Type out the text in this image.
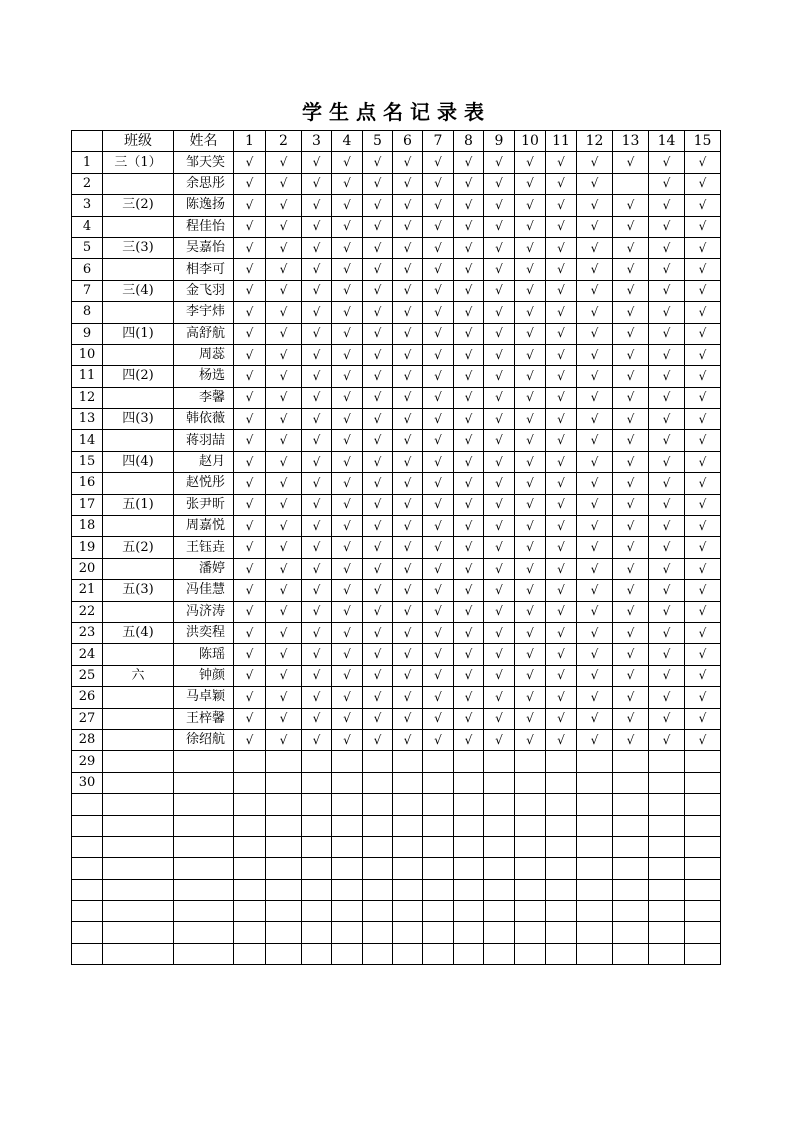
学生点名记录表
	班级	姓名	1	2	3	4	5	6	7	8	9	10	11	12	13	14	15
1	三（1）	邹天笑	√	√	√	√	√	√	√	√	√	√	√	√	√	√	√
2		余思彤	√	√	√	√	√	√	√	√	√	√	√	√		√	√
3	三(2)	陈逸扬	√	√	√	√	√	√	√	√	√	√	√	√	√	√	√
4		程佳怡	√	√	√	√	√	√	√	√	√	√	√	√	√	√	√
5	三(3)	吴嘉怡	√	√	√	√	√	√	√	√	√	√	√	√	√	√	√
6		相李可	√	√	√	√	√	√	√	√	√	√	√	√	√	√	√
7	三(4)	金飞羽	√	√	√	√	√	√	√	√	√	√	√	√	√	√	√
8		李宇炜	√	√	√	√	√	√	√	√	√	√	√	√	√	√	√
9	四(1)	高舒航	√	√	√	√	√	√	√	√	√	√	√	√	√	√	√
10		周蕊	√	√	√	√	√	√	√	√	√	√	√	√	√	√	√
11	四(2)	杨选	√	√	√	√	√	√	√	√	√	√	√	√	√	√	√
12		李馨	√	√	√	√	√	√	√	√	√	√	√	√	√	√	√
13	四(3)	韩依薇	√	√	√	√	√	√	√	√	√	√	√	√	√	√	√
14		蒋羽喆	√	√	√	√	√	√	√	√	√	√	√	√	√	√	√
15	四(4)	赵月	√	√	√	√	√	√	√	√	√	√	√	√	√	√	√
16		赵悦彤	√	√	√	√	√	√	√	√	√	√	√	√	√	√	√
17	五(1)	张尹昕	√	√	√	√	√	√	√	√	√	√	√	√	√	√	√
18		周嘉悦	√	√	√	√	√	√	√	√	√	√	√	√	√	√	√
19	五(2)	王钰垚	√	√	√	√	√	√	√	√	√	√	√	√	√	√	√
20		潘婷	√	√	√	√	√	√	√	√	√	√	√	√	√	√	√
21	五(3)	冯佳慧	√	√	√	√	√	√	√	√	√	√	√	√	√	√	√
22		冯济涛	√	√	√	√	√	√	√	√	√	√	√	√	√	√	√
23	五(4)	洪奕程	√	√	√	√	√	√	√	√	√	√	√	√	√	√	√
24		陈瑶	√	√	√	√	√	√	√	√	√	√	√	√	√	√	√
25	六	钟颜	√	√	√	√	√	√	√	√	√	√	√	√	√	√	√
26		马卓颖	√	√	√	√	√	√	√	√	√	√	√	√	√	√	√
27		王梓馨	√	√	√	√	√	√	√	√	√	√	√	√	√	√	√
28		徐绍航	√	√	√	√	√	√	√	√	√	√	√	√	√	√	√
29																	
30																	
